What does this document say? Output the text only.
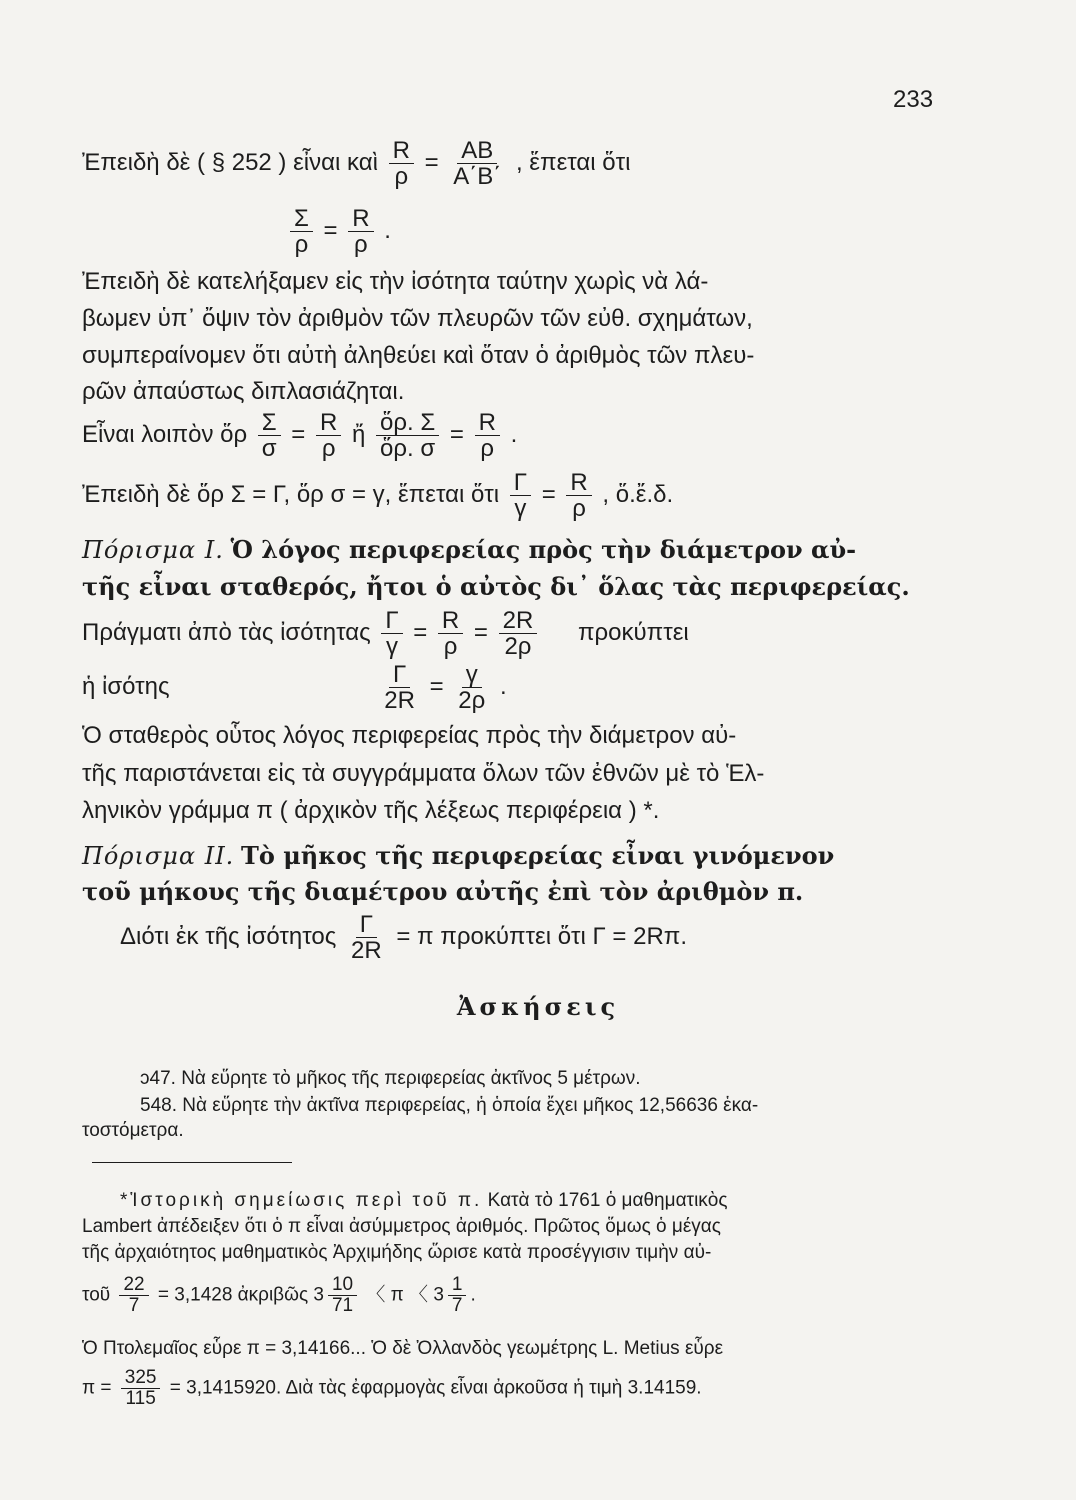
233
Ἐπειδὴ δὲ ( § 252 ) εἶναι καὶ $\frac{R}{\rho} = \frac{AB}{A΄B΄}$ , ἕπεται ὅτι
$\frac{\Sigma}{\rho} = \frac{R}{\rho}$ .
Ἐπειδὴ δὲ κατελήξαμεν εἰς τὴν ἰσότητα ταύτην χωρὶς νὰ λά-
βωμεν ὑπ᾽ ὄψιν τὸν ἀριθμὸν τῶν πλευρῶν τῶν εὐθ. σχημάτων,
συμπεραίνομεν ὅτι αὐτὴ ἀληθεύει καὶ ὅταν ὁ ἀριθμὸς τῶν πλευ-
ρῶν ἀπαύστως διπλασιάζηται.
Εἶναι λοιπὸν ὅρ $\frac{\Sigma}{\sigma} = \frac{R}{\rho}$ ἤ $\frac{\text{ὅρ. Σ}}{\text{ὅρ. σ}} = \frac{R}{\rho}$ .
Ἐπειδὴ δὲ ὅρ Σ = Γ, ὅρ σ = γ, ἕπεται ὅτι $\frac{\Gamma}{\gamma} = \frac{R}{\rho}$ , ὅ.ἔ.δ.
Πόρισμα Ι. Ὁ λόγος περιφερείας πρὸς τὴν διάμετρον αὐ-
τῆς εἶναι σταθερός, ἤτοι ὁ αὐτὸς δι᾽ ὅλας τὰς περιφερείας.
Πράγματι ἀπὸ τὰς ἰσότητας $\frac{\Gamma}{\gamma} = \frac{R}{\rho} = \frac{2R}{2\rho}$ προκύπτει
ἡ ἰσότης	$\frac{\Gamma}{2R} = \frac{\gamma}{2\rho}$ .
Ὁ σταθερὸς οὗτος λόγος περιφερείας πρὸς τὴν διάμετρον αὐ-
τῆς παριστάνεται εἰς τὰ συγγράμματα ὅλων τῶν ἐθνῶν μὲ τὸ Ἑλ-
ληνικὸν γράμμα π ( ἀρχικὸν τῆς λέξεως περιφέρεια ) *.
Πόρισμα ΙΙ. Τὸ μῆκος τῆς περιφερείας εἶναι γινόμενον
τοῦ μήκους τῆς διαμέτρου αὐτῆς ἐπὶ τὸν ἀριθμὸν π.
Διότι ἐκ τῆς ἰσότητος $\frac{\Gamma}{2R} = \pi$ προκύπτει ὅτι Γ = 2Rπ.
Ἀσκήσεις
ɔ47. Νὰ εὕρητε τὸ μῆκος τῆς περιφερείας ἀκτῖνος 5 μέτρων.
548. Νὰ εὕρητε τὴν ἀκτῖνα περιφερείας, ἡ ὁποία ἔχει μῆκος 12,56636 ἑκα-
τοστόμετρα.
*Ἱστορικὴ σημείωσις περὶ τοῦ π. Κατὰ τὸ 1761 ὁ μαθηματικὸς
Lambert ἀπέδειξεν ὅτι ὁ π εἶναι ἀσύμμετρος ἀριθμός. Πρῶτος ὅμως ὁ μέγας
τῆς ἀρχαιότητος μαθηματικὸς Ἀρχιμήδης ὥρισε κατὰ προσέγγισιν τιμὴν αὐ-
τοῦ $\frac{22}{7} = 3,1428$ ἀκριβῶς $3 \frac{10}{71}$ 〈 π 〈 $3 \frac{1}{7}$ .
Ὁ Πτολεμαῖος εὗρε π = 3,14166... Ὁ δὲ Ὀλλανδὸς γεωμέτρης L. Metius εὗρε
$\pi = \frac{325}{115} = 3,1415920$. Διὰ τὰς ἐφαρμογὰς εἶναι ἀρκοῦσα ἡ τιμὴ 3.14159.
